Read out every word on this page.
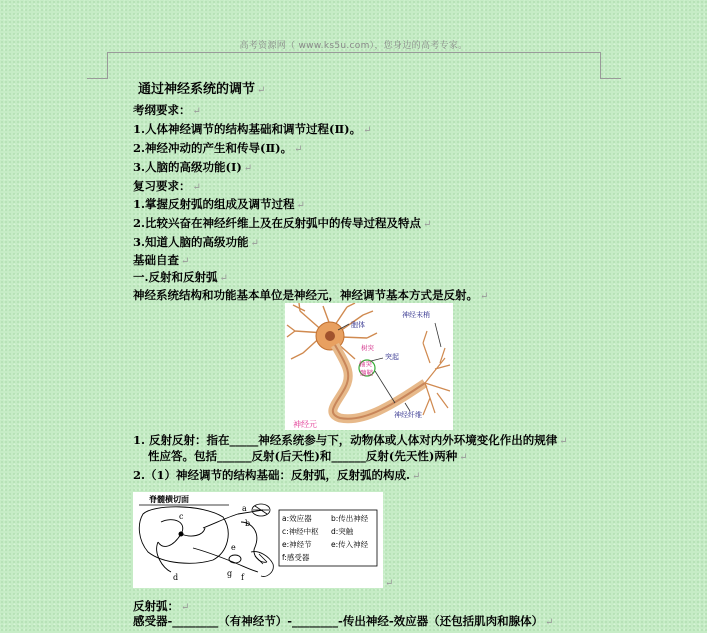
高考资源网（ www.ks5u.com），您身边的高考专家。
通过神经系统的调节 ↵
考纲要求： ↵
1.人体神经调节的结构基础和调节过程(Ⅱ)。 ↵
2.神经冲动的产生和传导(Ⅱ)。 ↵
3.人脑的高级功能(Ⅰ) ↵
复习要求： ↵
1.掌握反射弧的组成及调节过程 ↵
2.比较兴奋在神经纤维上及在反射弧中的传导过程及特点 ↵
3.知道人脑的高级功能 ↵
基础自查 ↵
一.反射和反射弧 ↵
神经系统结构和功能基本单位是神经元，神经调节基本方式是反射。 ↵
胞体
神经末梢
树突
突起
轴突
髓鞘
神经纤维
神经元
1. 反射反射：指在_____神经系统参与下，动物体或人体对内外环境变化作出的规律 ↵
性应答。包括______反射(后天性)和______反射(先天性)两种 ↵
2.（1）神经调节的结构基础：反射弧，反射弧的构成. ↵
脊髓横切面
a
b
c
d
e
f
g
a:效应器	b:传出神经
c:神经中枢 d:突触
e:神经节	e:传入神经
f:感受器
↵
反射弧： ↵
感受器-________（有神经节）-________-传出神经-效应器（还包括肌肉和腺体） ↵
